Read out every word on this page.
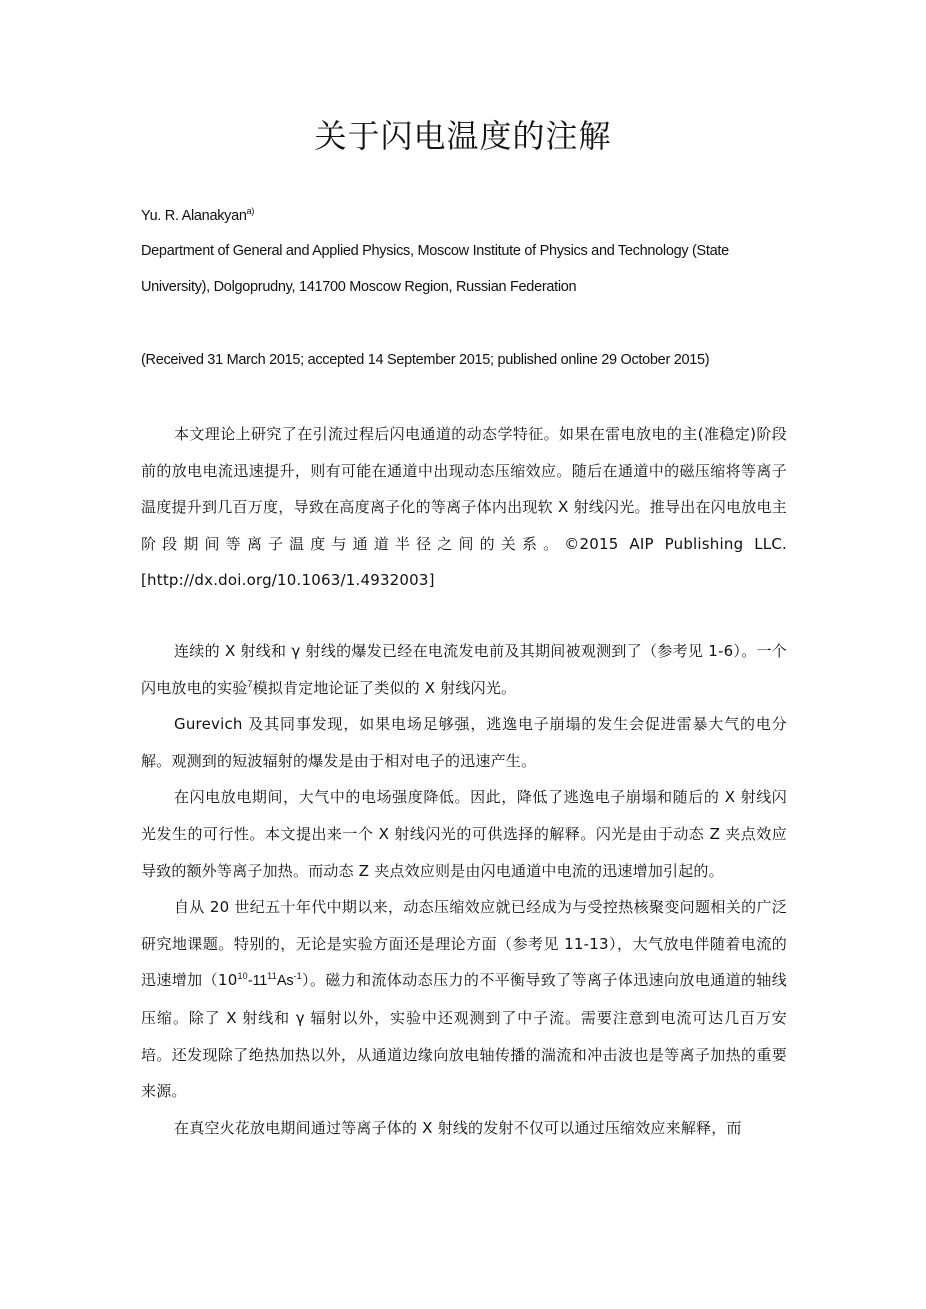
关于闪电温度的注解
Yu. R. Alanakyan$^{a)}$
Department of General and Applied Physics, Moscow Institute of Physics and Technology (State
University), Dolgoprudny, 141700 Moscow Region, Russian Federation
(Received 31 March 2015; accepted 14 September 2015; published online 29 October 2015)

本文理论上研究了在引流过程后闪电通道的动态学特征。如果在雷电放电的主(准稳定)阶段前的放电电流迅速提升，则有可能在通道中出现动态压缩效应。随后在通道中的磁压缩将等离子温度提升到几百万度，导致在高度离子化的等离子体内出现软 X 射线闪光。推导出在闪电放电主阶段期间等离子温度与通道半径之间的关系。©2015 AIP Publishing LLC.[http://dx.doi.org/10.1063/1.4932003]

连续的 X 射线和 γ 射线的爆发已经在电流发电前及其期间被观测到了（参考见 1-6）。一个闪电放电的实验$^7$模拟肯定地论证了类似的 X 射线闪光。

Gurevich 及其同事发现，如果电场足够强，逃逸电子崩塌的发生会促进雷暴大气的电分解。观测到的短波辐射的爆发是由于相对电子的迅速产生。

在闪电放电期间，大气中的电场强度降低。因此，降低了逃逸电子崩塌和随后的 X 射线闪光发生的可行性。本文提出来一个 X 射线闪光的可供选择的解释。闪光是由于动态 Z 夹点效应导致的额外等离子加热。而动态 Z 夹点效应则是由闪电通道中电流的迅速增加引起的。

自从 20 世纪五十年代中期以来，动态压缩效应就已经成为与受控热核聚变问题相关的广泛研究地课题。特别的，无论是实验方面还是理论方面（参考见 11-13），大气放电伴随着电流的迅速增加$(10^{10}-11^{11}As^{-1})$。磁力和流体动态压力的不平衡导致了等离子体迅速向放电通道的轴线压缩。除了 X 射线和 γ 辐射以外，实验中还观测到了中子流。需要注意到电流可达几百万安培。还发现除了绝热加热以外，从通道边缘向放电轴传播的湍流和冲击波也是等离子加热的重要来源。

在真空火花放电期间通过等离子体的 X 射线的发射不仅可以通过压缩效应来解释，而
